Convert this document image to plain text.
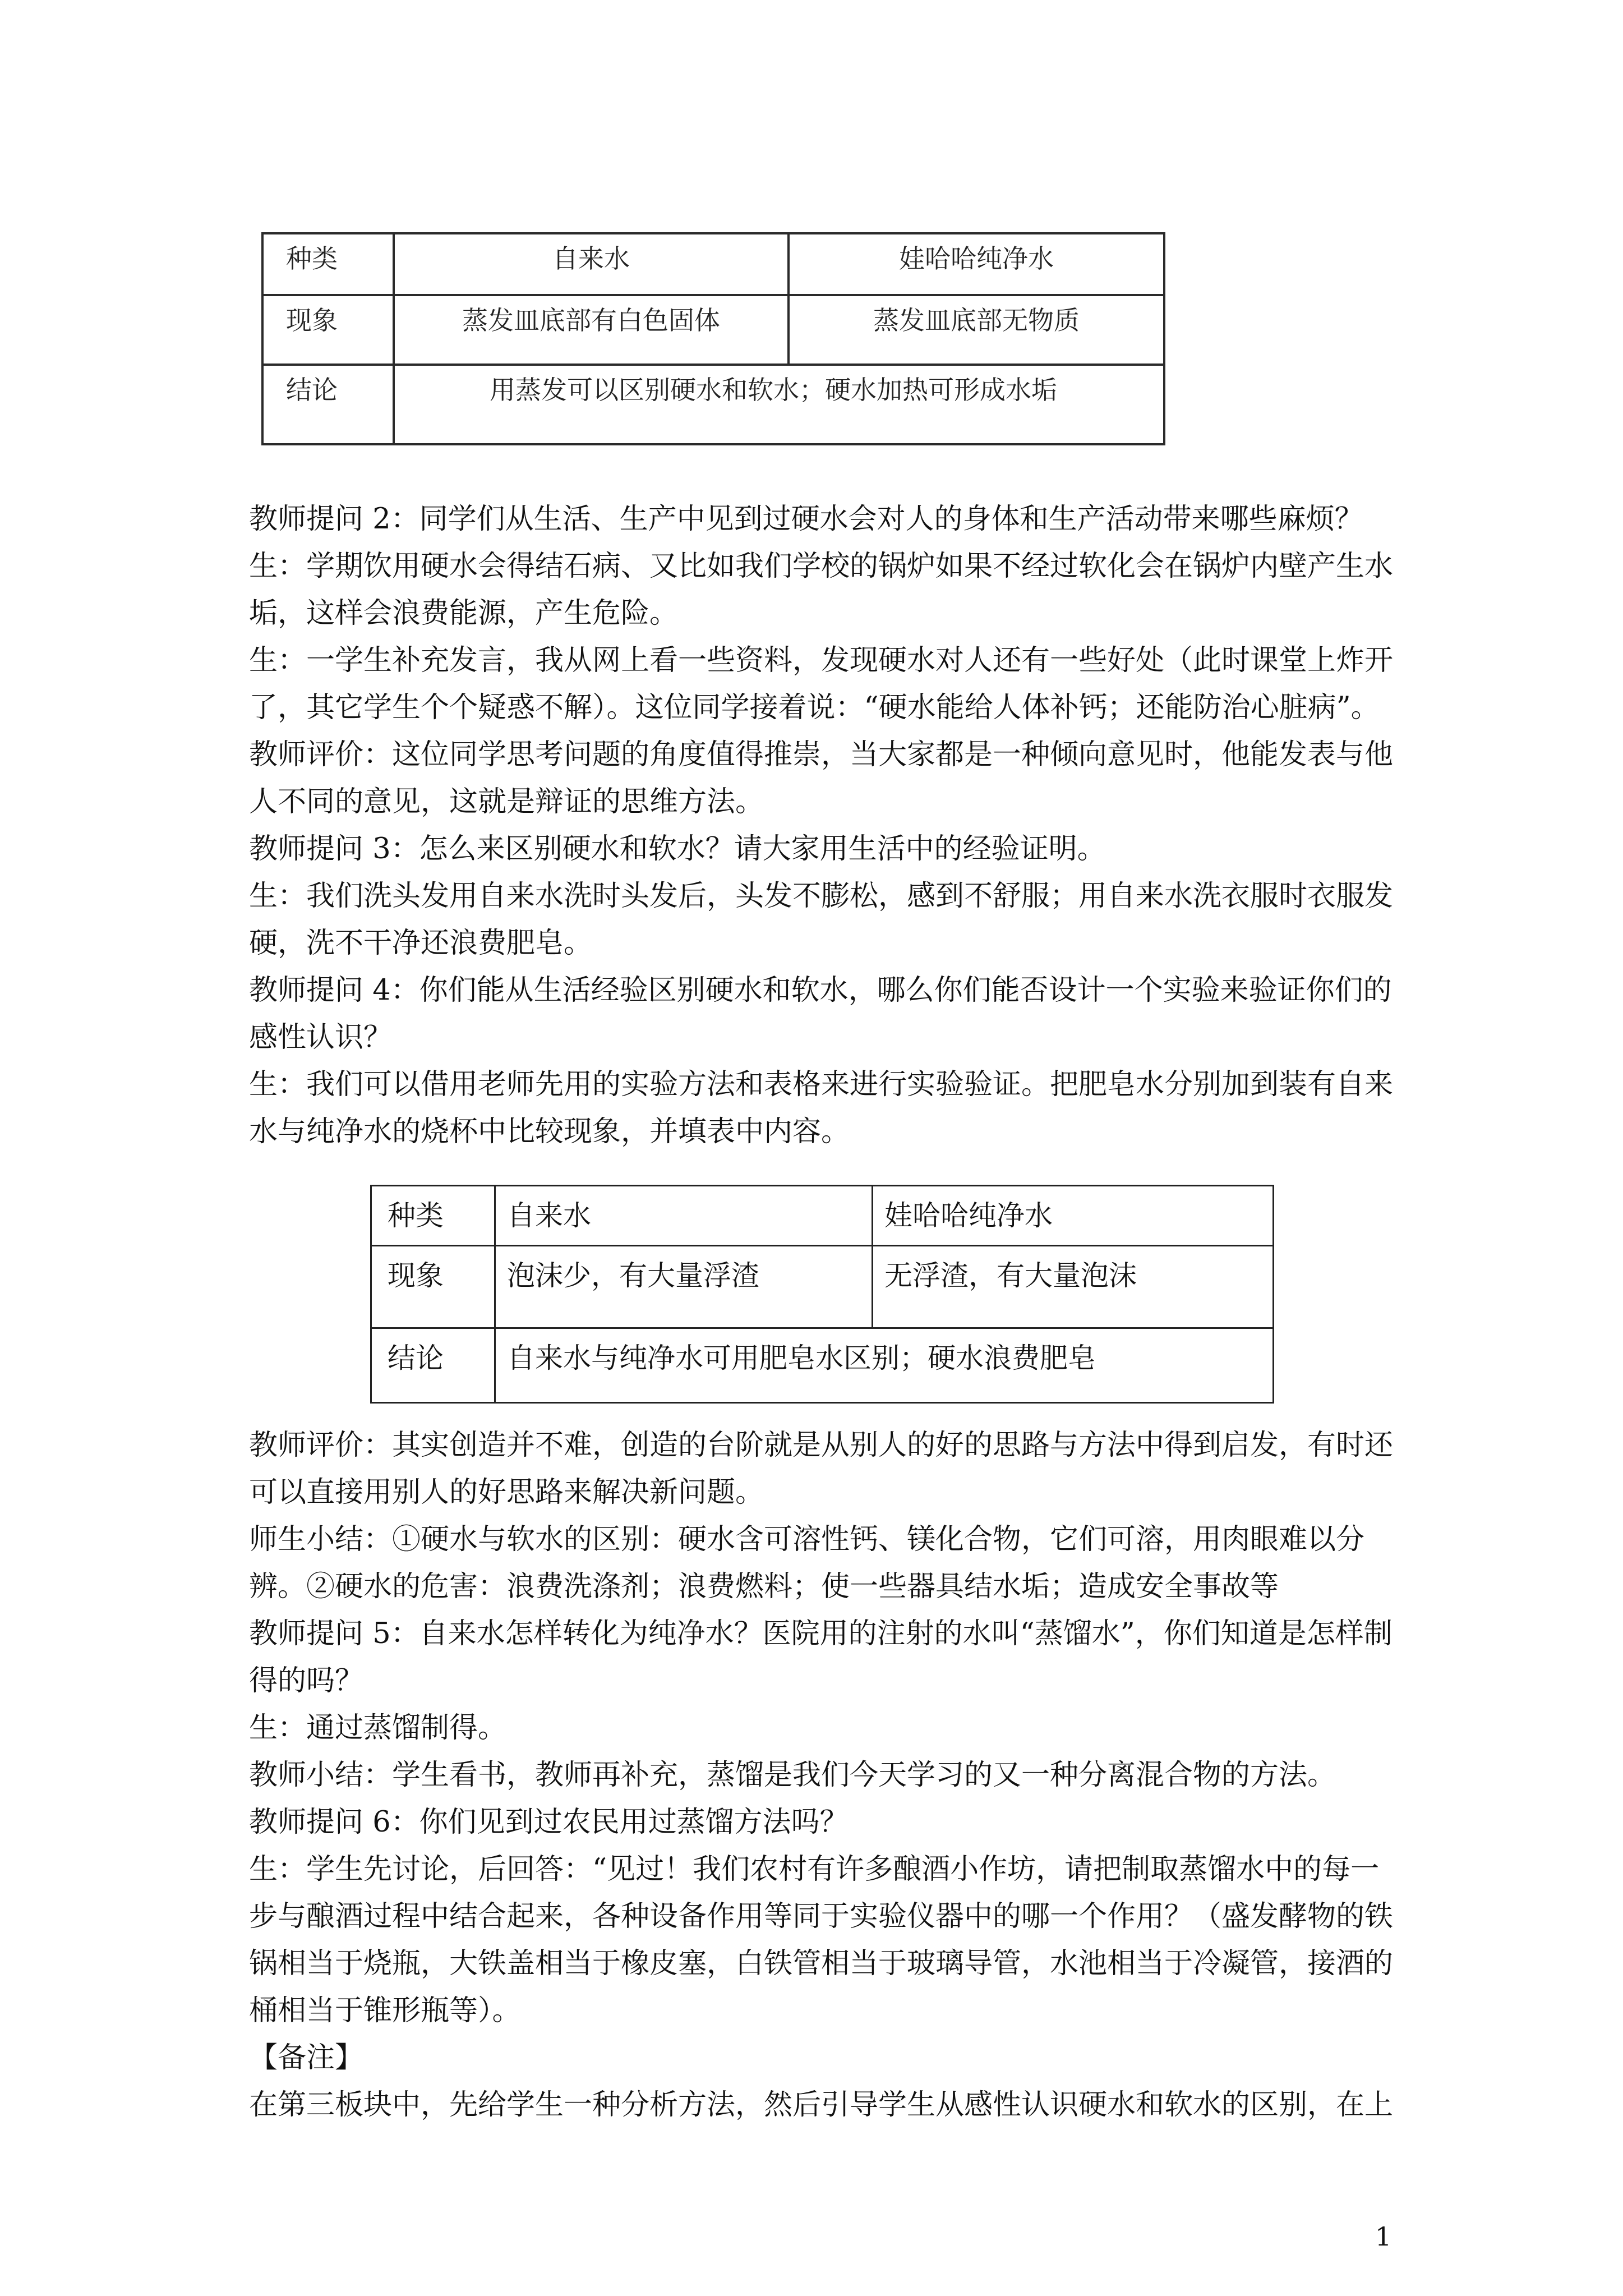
种类	自来水	娃哈哈纯净水
现象	蒸发皿底部有白色固体	蒸发皿底部无物质
结论	用蒸发可以区别硬水和软水；硬水加热可形成水垢	

教师提问 2：同学们从生活、生产中见到过硬水会对人的身体和生产活动带来哪些麻烦？

生：学期饮用硬水会得结石病、又比如我们学校的锅炉如果不经过软化会在锅炉内壁产生水垢，这样会浪费能源，产生危险。

生：一学生补充发言，我从网上看一些资料，发现硬水对人还有一些好处（此时课堂上炸开了，其它学生个个疑惑不解）。这位同学接着说：“硬水能给人体补钙；还能防治心脏病”。

教师评价：这位同学思考问题的角度值得推崇，当大家都是一种倾向意见时，他能发表与他人不同的意见，这就是辩证的思维方法。

教师提问 3：怎么来区别硬水和软水？请大家用生活中的经验证明。

生：我们洗头发用自来水洗时头发后，头发不膨松，感到不舒服；用自来水洗衣服时衣服发硬，洗不干净还浪费肥皂。

教师提问 4：你们能从生活经验区别硬水和软水，哪么你们能否设计一个实验来验证你们的感性认识？

生：我们可以借用老师先用的实验方法和表格来进行实验验证。把肥皂水分别加到装有自来水与纯净水的烧杯中比较现象，并填表中内容。

种类	自来水	娃哈哈纯净水
现象	泡沫少，有大量浮渣	无浮渣，有大量泡沫
结论	自来水与纯净水可用肥皂水区别；硬水浪费肥皂	

教师评价：其实创造并不难，创造的台阶就是从别人的好的思路与方法中得到启发，有时还可以直接用别人的好思路来解决新问题。

师生小结：①硬水与软水的区别：硬水含可溶性钙、镁化合物，它们可溶，用肉眼难以分辨。②硬水的危害：浪费洗涤剂；浪费燃料；使一些器具结水垢；造成安全事故等

教师提问 5：自来水怎样转化为纯净水？医院用的注射的水叫“蒸馏水”，你们知道是怎样制得的吗？

生：通过蒸馏制得。

教师小结：学生看书，教师再补充，蒸馏是我们今天学习的又一种分离混合物的方法。

教师提问 6：你们见到过农民用过蒸馏方法吗？

生：学生先讨论，后回答：“见过！我们农村有许多酿酒小作坊，请把制取蒸馏水中的每一步与酿酒过程中结合起来，各种设备作用等同于实验仪器中的哪一个作用？（盛发酵物的铁锅相当于烧瓶，大铁盖相当于橡皮塞，白铁管相当于玻璃导管，水池相当于冷凝管，接酒的桶相当于锥形瓶等）。

【备注】

在第三板块中，先给学生一种分析方法，然后引导学生从感性认识硬水和软水的区别，在上

1
